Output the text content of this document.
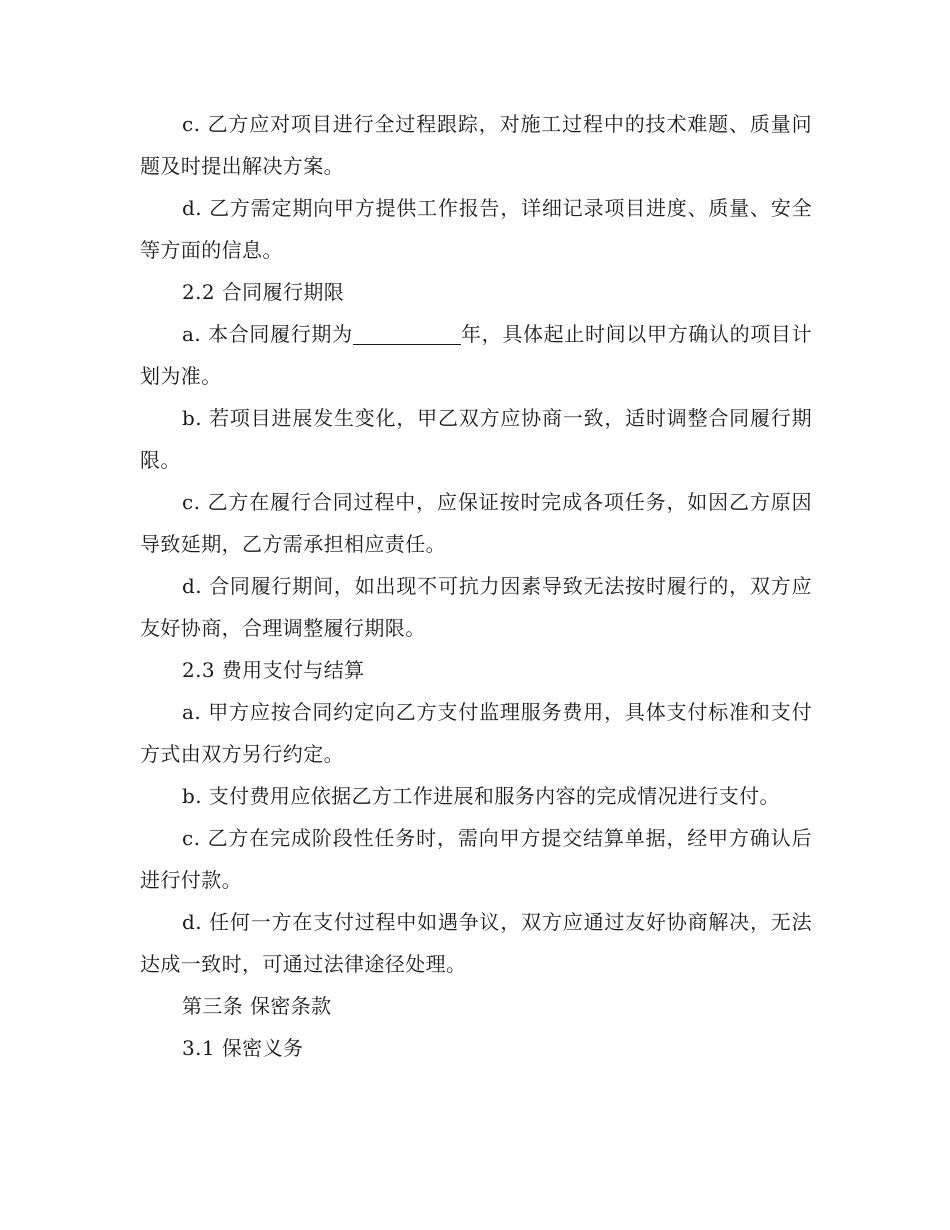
c. 乙方应对项目进行全过程跟踪，对施工过程中的技术难题、质量问题及时提出解决方案。

d. 乙方需定期向甲方提供工作报告，详细记录项目进度、质量、安全等方面的信息。

2.2 合同履行期限

a. 本合同履行期为	年，具体起止时间以甲方确认的项目计划为准。

b. 若项目进展发生变化，甲乙双方应协商一致，适时调整合同履行期限。

c. 乙方在履行合同过程中，应保证按时完成各项任务，如因乙方原因导致延期，乙方需承担相应责任。

d. 合同履行期间，如出现不可抗力因素导致无法按时履行的，双方应友好协商，合理调整履行期限。

2.3 费用支付与结算

a. 甲方应按合同约定向乙方支付监理服务费用，具体支付标准和支付方式由双方另行约定。

b. 支付费用应依据乙方工作进展和服务内容的完成情况进行支付。

c. 乙方在完成阶段性任务时，需向甲方提交结算单据，经甲方确认后进行付款。

d. 任何一方在支付过程中如遇争议，双方应通过友好协商解决，无法达成一致时，可通过法律途径处理。

第三条 保密条款

3.1 保密义务
